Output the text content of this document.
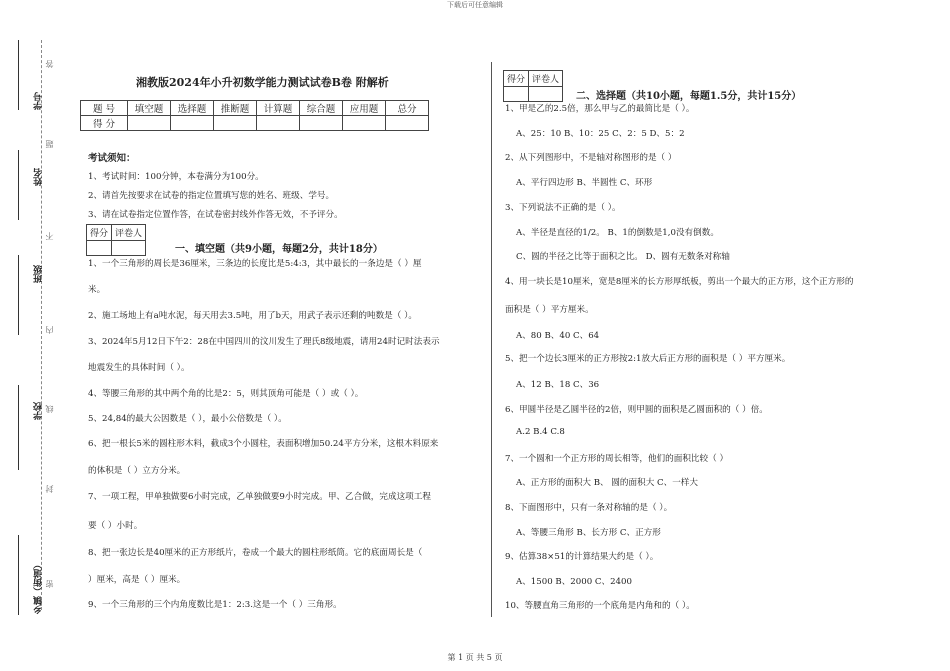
下载后可任意编辑
学号
姓名
班级
学校
乡镇（街道）
答
题
不
内
线
封
密
湘教版2024年小升初数学能力测试试卷B卷 附解析
题 号	填空题	选择题	推断题	计算题	综合题	应用题	总分
得 分							
考试须知：
1、考试时间：100分钟，本卷满分为100分。
2、请首先按要求在试卷的指定位置填写您的姓名、班级、学号。
3、请在试卷指定位置作答，在试卷密封线外作答无效，不予评分。
得分	评卷人

一、填空题（共9小题，每题2分，共计18分）
1、一个三角形的周长是36厘米，三条边的长度比是5:4:3，其中最长的一条边是（ ）厘
米。
2、施工场地上有a吨水泥，每天用去3.5吨，用了b天，用武子表示还剩的吨数是（ ）。
3、2024年5月12日下午2：28在中国四川的汶川发生了理氏8级地震，请用24时记时法表示
地震发生的具体时间（ ）。
4、等腰三角形的其中两个角的比是2：5，则其顶角可能是（ ）或（ ）。
5、24,84的最大公因数是（ ），最小公倍数是（ ）。
6、把一根长5米的圆柱形木料，截成3个小圆柱，表面积增加50.24平方分米，这根木料原来
的体积是（ ）立方分米。
7、一项工程，甲单独做要6小时完成，乙单独做要9小时完成。甲、乙合做，完成这项工程
要（ ）小时。
8、把一张边长是40厘米的正方形纸片，卷成一个最大的圆柱形纸筒。它的底面周长是（
）厘米，高是（ ）厘米。
9、一个三角形的三个内角度数比是1：2:3.这是一个（ ）三角形。
得分	评卷人

二、选择题（共10小题，每题1.5分，共计15分）
1、甲是乙的2.5倍，那么甲与乙的最简比是（ ）。
A、25：10 B、10：25 C、2：5 D、5：2
2、从下列图形中，不是轴对称图形的是（ ）
A、平行四边形 B、半圆性 C、环形
3、下列说法不正确的是（ ）。
A、半径是直径的1/2。 B、1的倒数是1,0没有倒数。
C、圆的半径之比等于面积之比。 D、圆有无数条对称轴
4、用一块长是10厘米，宽是8厘米的长方形厚纸板，剪出一个最大的正方形，这个正方形的
面积是（ ）平方厘米。
A、80 B、40 C、64
5、把一个边长3厘米的正方形按2:1放大后正方形的面积是（ ）平方厘米。
A、12 B、18 C、36
6、甲圆半径是乙圆半径的2倍，则甲圆的面积是乙圆面积的（ ）倍。
A.2 B.4 C.8
7、一个圆和一个正方形的周长相等，他们的面积比较（ ）
A、正方形的面积大 B、 圆的面积大 C、一样大
8、下面图形中，只有一条对称轴的是（ ）。
A、等腰三角形 B、长方形 C、正方形
9、估算38×51的计算结果大约是（ ）。
A、1500 B、2000 C、2400
10、等腰直角三角形的一个底角是内角和的（ ）。
第 1 页 共 5 页
